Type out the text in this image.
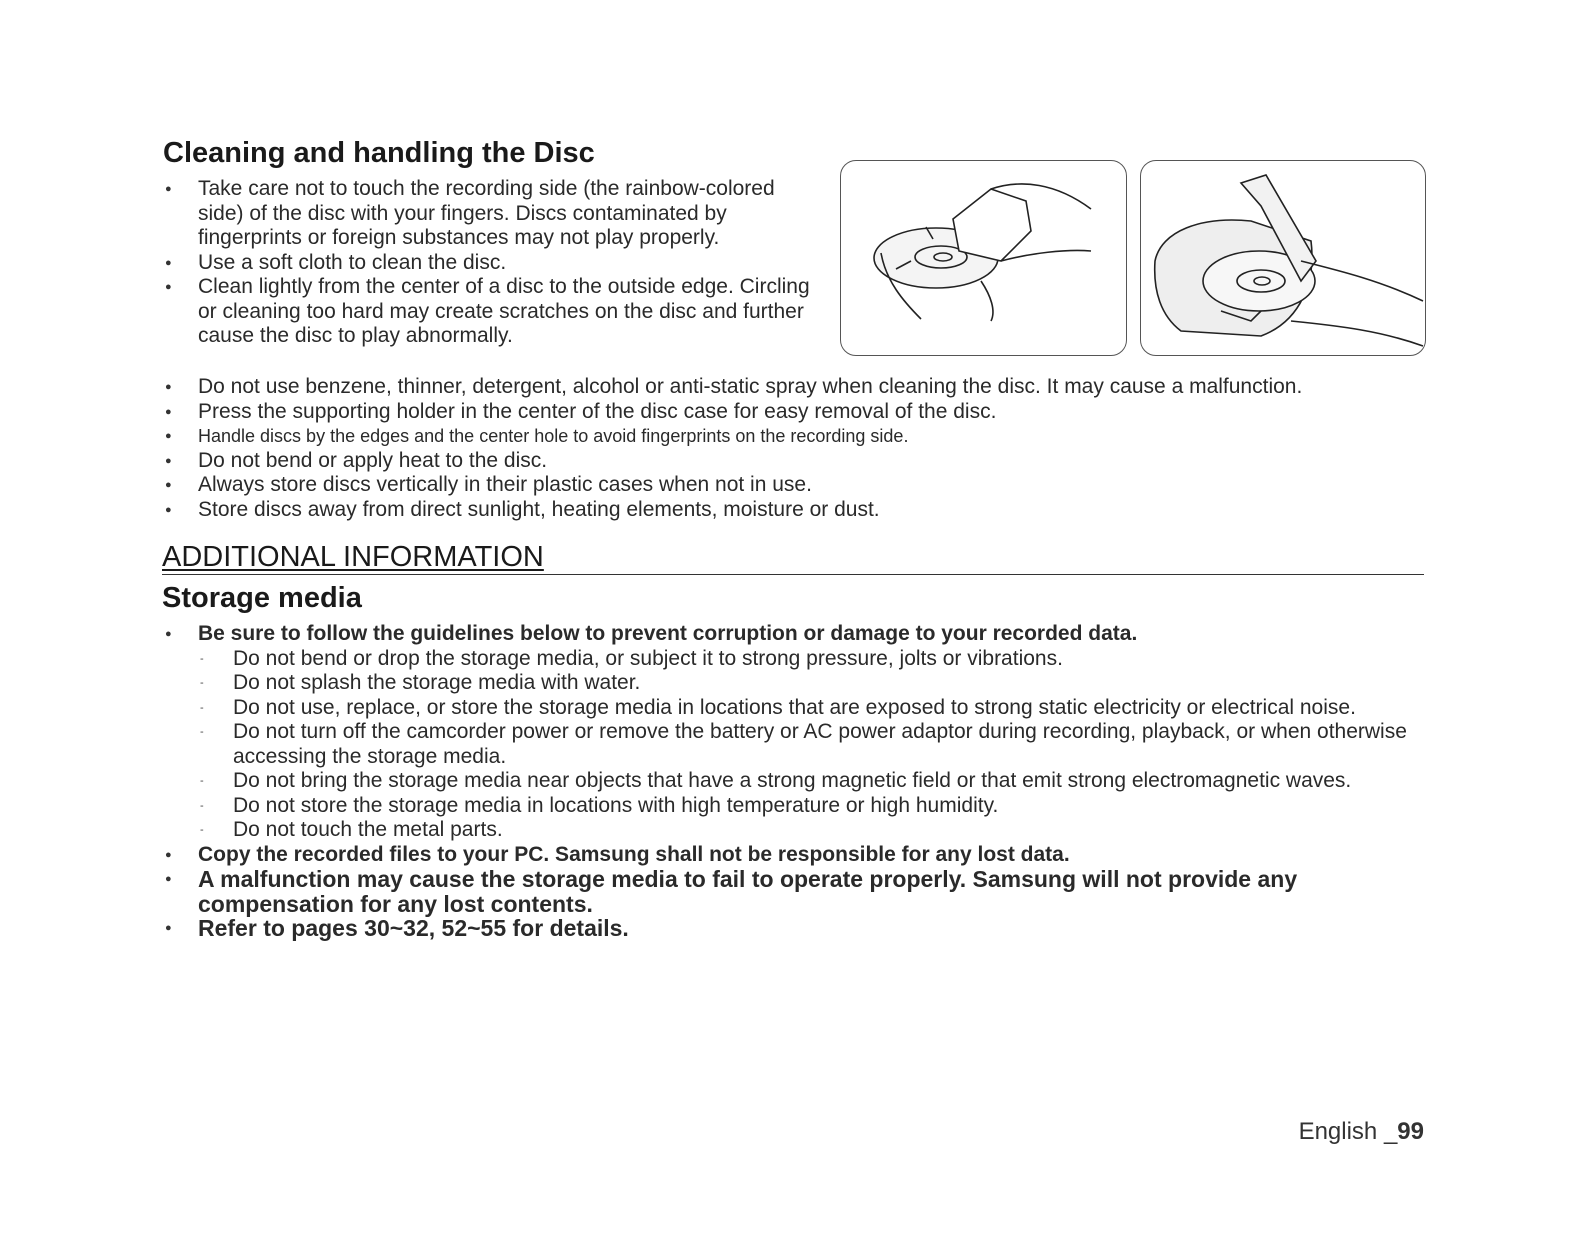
Cleaning and handling the Disc
● Take care not to touch the recording side (the rainbow-colored side) of the disc with your fingers. Discs contaminated by fingerprints or foreign substances may not play properly.
● Use a soft cloth to clean the disc.
● Clean lightly from the center of a disc to the outside edge. Circling or cleaning too hard may create scratches on the disc and further cause the disc to play abnormally.
● Do not use benzene, thinner, detergent, alcohol or anti-static spray when cleaning the disc. It may cause a malfunction.
● Press the supporting holder in the center of the disc case for easy removal of the disc.
● Handle discs by the edges and the center hole to avoid fingerprints on the recording side.
● Do not bend or apply heat to the disc.
● Always store discs vertically in their plastic cases when not in use.
● Store discs away from direct sunlight, heating elements, moisture or dust.
ADDITIONAL INFORMATION
Storage media
● Be sure to follow the guidelines below to prevent corruption or damage to your recorded data.
- Do not bend or drop the storage media, or subject it to strong pressure, jolts or vibrations.
- Do not splash the storage media with water.
- Do not use, replace, or store the storage media in locations that are exposed to strong static electricity or electrical noise.
- Do not turn off the camcorder power or remove the battery or AC power adaptor during recording, playback, or when otherwise accessing the storage media.
- Do not bring the storage media near objects that have a strong magnetic field or that emit strong electromagnetic waves.
- Do not store the storage media in locations with high temperature or high humidity.
- Do not touch the metal parts.
● Copy the recorded files to your PC. Samsung shall not be responsible for any lost data.
● A malfunction may cause the storage media to fail to operate properly. Samsung will not provide any compensation for any lost contents.
● Refer to pages 30~32, 52~55 for details.
English _99
